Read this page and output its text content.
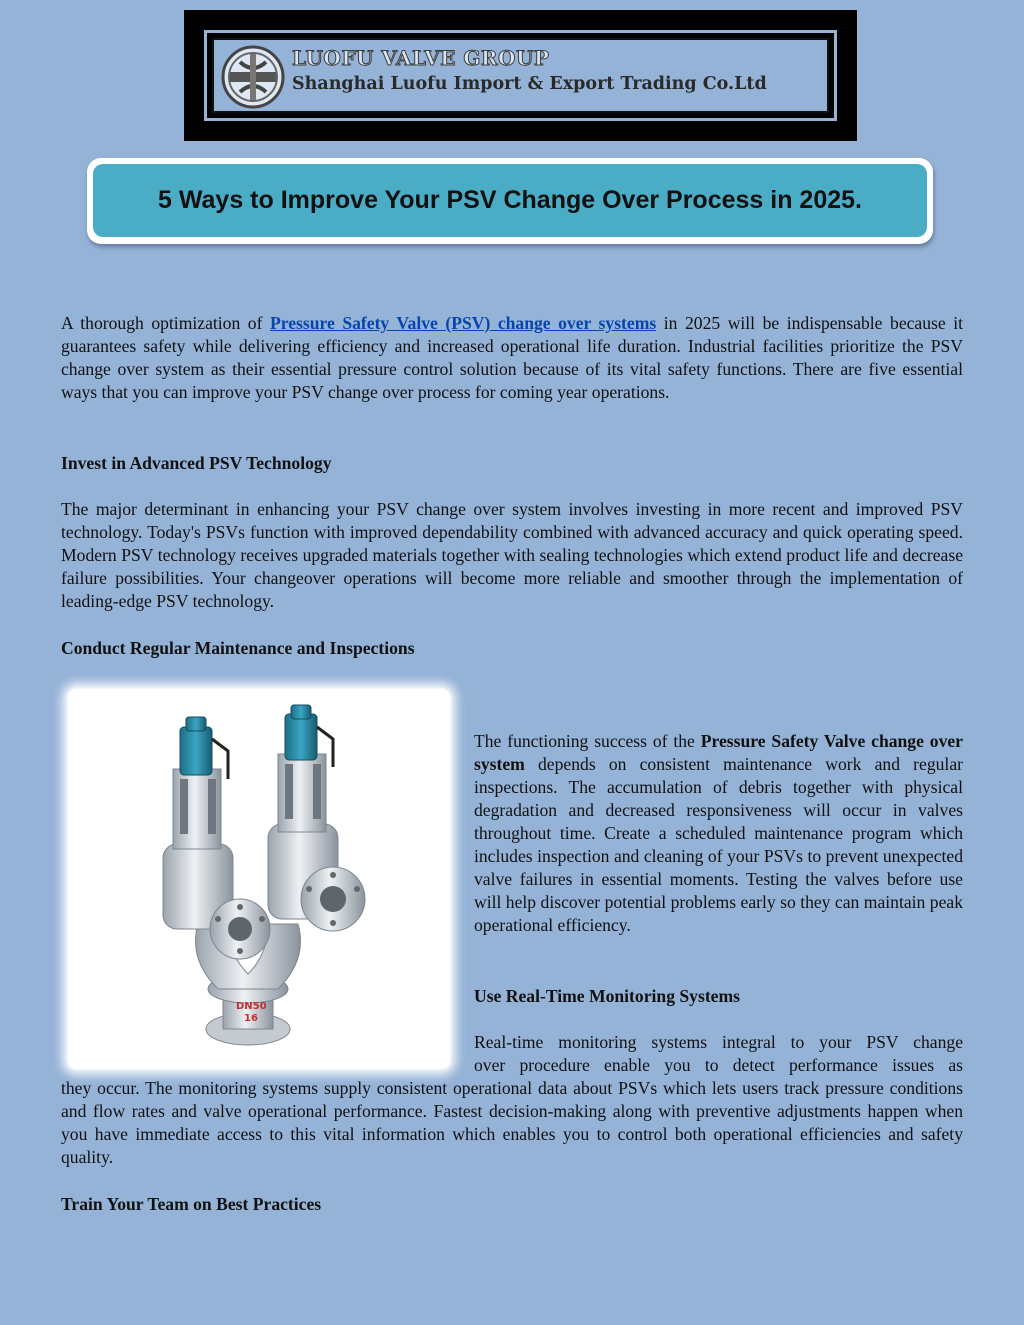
LUOFU VALVE GROUP
Shanghai Luofu Import & Export Trading Co.Ltd
5 Ways to Improve Your PSV Change Over Process in 2025.

A thorough optimization of Pressure Safety Valve (PSV) change over systems in 2025 will be indispensable because it guarantees safety while delivering efficiency and increased operational life duration. Industrial facilities prioritize the PSV change over system as their essential pressure control solution because of its vital safety functions. There are five essential ways that you can improve your PSV change over process for coming year operations.

Invest in Advanced PSV Technology

The major determinant in enhancing your PSV change over system involves investing in more recent and improved PSV technology. Today's PSVs function with improved dependability combined with advanced accuracy and quick operating speed. Modern PSV technology receives upgraded materials together with sealing technologies which extend product life and decrease failure possibilities. Your changeover operations will become more reliable and smoother through the implementation of leading-edge PSV technology.

Conduct Regular Maintenance and Inspections
DN50
16

The functioning success of the Pressure Safety Valve change over system depends on consistent maintenance work and regular inspections. The accumulation of debris together with physical degradation and decreased responsiveness will occur in valves throughout time. Create a scheduled maintenance program which includes inspection and cleaning of your PSVs to prevent unexpected valve failures in essential moments. Testing the valves before use will help discover potential problems early so they can maintain peak operational efficiency.

Use Real-Time Monitoring Systems

Real-time monitoring systems integral to your PSV change

over procedure enable you to detect performance issues as

they occur. The monitoring systems supply consistent operational data about PSVs which lets users track pressure conditions and flow rates and valve operational performance. Fastest decision-making along with preventive adjustments happen when you have immediate access to this vital information which enables you to control both operational efficiencies and safety quality.

Train Your Team on Best Practices
